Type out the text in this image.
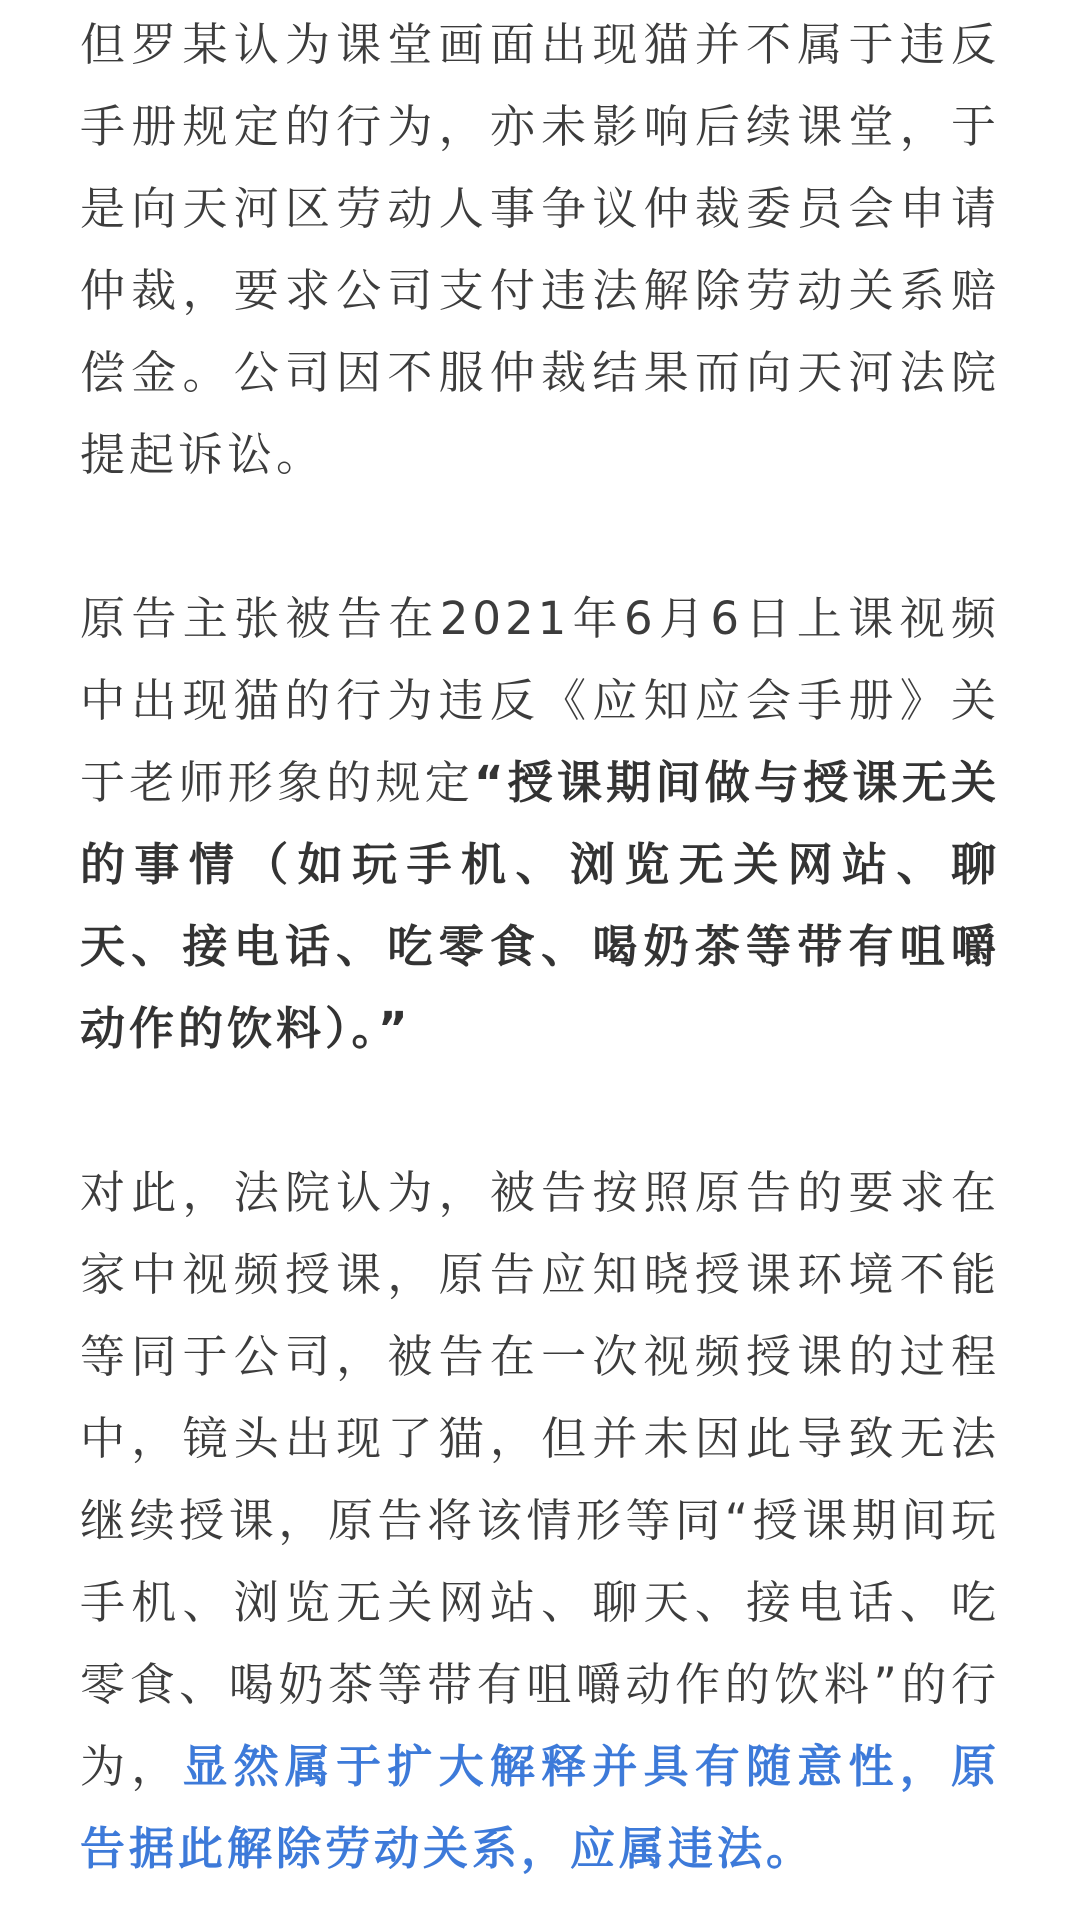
但罗某认为课堂画面出现猫并不属于违反手册规定的行为，亦未影响后续课堂，于是向天河区劳动人事争议仲裁委员会申请仲裁，要求公司支付违法解除劳动关系赔偿金。公司因不服仲裁结果而向天河法院提起诉讼。

原告主张被告在2021年6月6日上课视频中出现猫的行为违反《应知应会手册》关于老师形象的规定“授课期间做与授课无关的事情（如玩手机、浏览无关网站、聊天、接电话、吃零食、喝奶茶等带有咀嚼动作的饮料）。”

对此，法院认为，被告按照原告的要求在家中视频授课，原告应知晓授课环境不能等同于公司，被告在一次视频授课的过程中，镜头出现了猫，但并未因此导致无法继续授课，原告将该情形等同“授课期间玩手机、浏览无关网站、聊天、接电话、吃零食、喝奶茶等带有咀嚼动作的饮料”的行为，显然属于扩大解释并具有随意性，原告据此解除劳动关系，应属违法。
